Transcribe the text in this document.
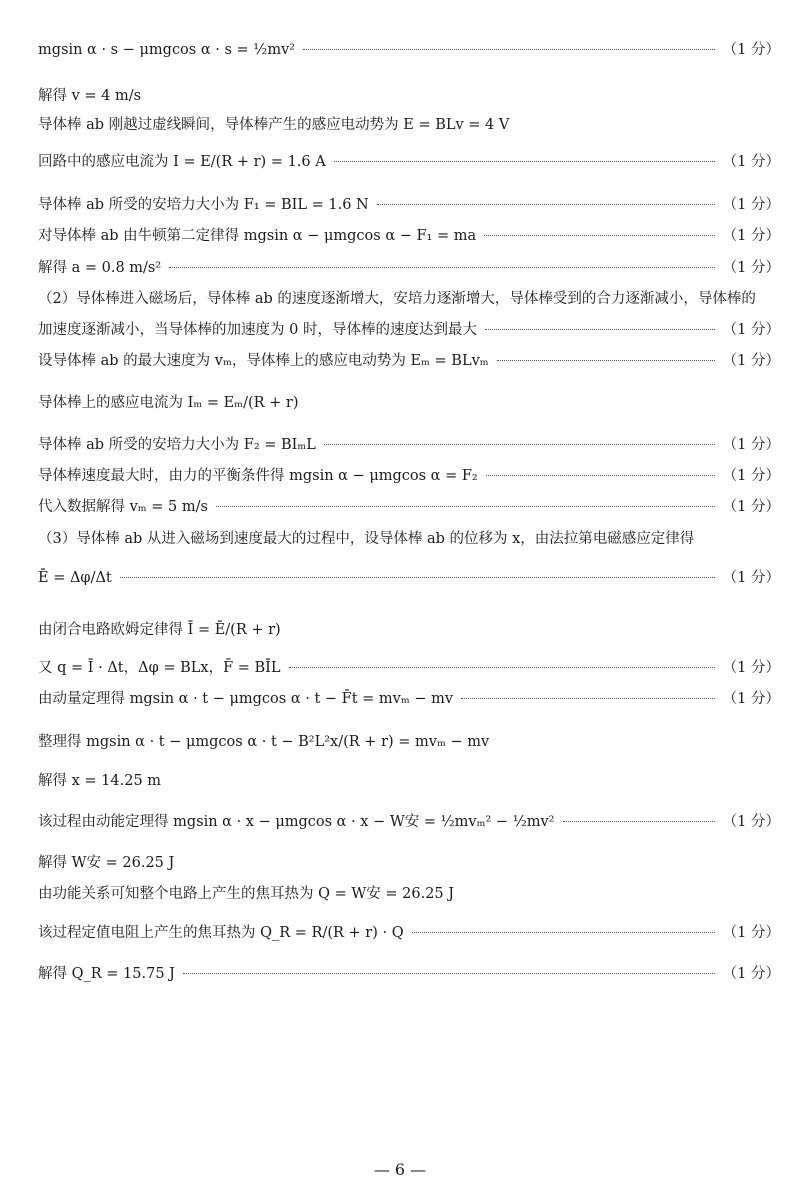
mgsin α · s − μmgcos α · s = ½mv²	（1 分）
解得 v = 4 m/s
导体棒 ab 刚越过虚线瞬间，导体棒产生的感应电动势为 E = BLv = 4 V
回路中的感应电流为 I = E/(R + r) = 1.6 A	（1 分）
导体棒 ab 所受的安培力大小为 F₁ = BIL = 1.6 N	（1 分）
对导体棒 ab 由牛顿第二定律得 mgsin α − μmgcos α − F₁ = ma	（1 分）
解得 a = 0.8 m/s²	（1 分）
（2）导体棒进入磁场后，导体棒 ab 的速度逐渐增大，安培力逐渐增大，导体棒受到的合力逐渐减小，导体棒的
加速度逐渐减小，当导体棒的加速度为 0 时，导体棒的速度达到最大	（1 分）
设导体棒 ab 的最大速度为 vₘ，导体棒上的感应电动势为 Eₘ = BLvₘ	（1 分）
导体棒上的感应电流为 Iₘ = Eₘ/(R + r)
导体棒 ab 所受的安培力大小为 F₂ = BIₘL	（1 分）
导体棒速度最大时，由力的平衡条件得 mgsin α − μmgcos α = F₂	（1 分）
代入数据解得 vₘ = 5 m/s	（1 分）
（3）导体棒 ab 从进入磁场到速度最大的过程中，设导体棒 ab 的位移为 x，由法拉第电磁感应定律得
Ē = Δφ/Δt	（1 分）
由闭合电路欧姆定律得 Ī = Ē/(R + r)
又 q = Ī · Δt，Δφ = BLx，F̄ = BĪL	（1 分）
由动量定理得 mgsin α · t − μmgcos α · t − F̄t = mvₘ − mv	（1 分）
整理得 mgsin α · t − μmgcos α · t − B²L²x/(R + r) = mvₘ − mv
解得 x = 14.25 m
该过程由动能定理得 mgsin α · x − μmgcos α · x − W安 = ½mvₘ² − ½mv²	（1 分）
解得 W安 = 26.25 J
由功能关系可知整个电路上产生的焦耳热为 Q = W安 = 26.25 J
该过程定值电阻上产生的焦耳热为 Q_R = R/(R + r) · Q	（1 分）
解得 Q_R = 15.75 J	（1 分）
— 6 —
